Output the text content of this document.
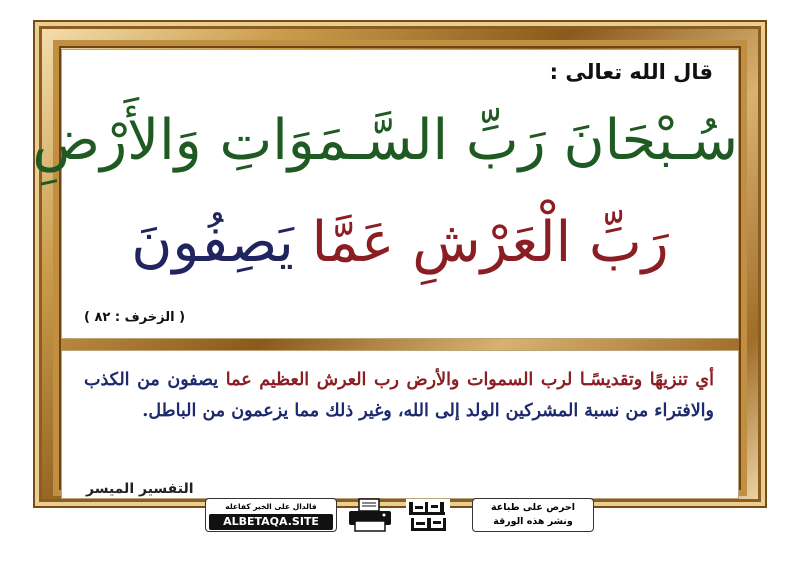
قال الله تعالى :
سُـبْحَانَ رَبِّ السَّـمَوَاتِ وَالأَرْضِ
رَبِّ الْعَرْشِ عَمَّا يَصِفُونَ
( الزخرف : ٨٢ )
أي تنزيهًا وتقديسًـا لرب السموات والأرض رب العرش العظيم عما يصفون من الكذب والافتراء من نسبة المشركين الولد إلى الله، وغير ذلك مما يزعمون من الباطل.
التفسير الميسر
فالدال على الخير كفاعله
ALBETAQA.SITE
احرص على طباعة
ونشر هذه الورقة
